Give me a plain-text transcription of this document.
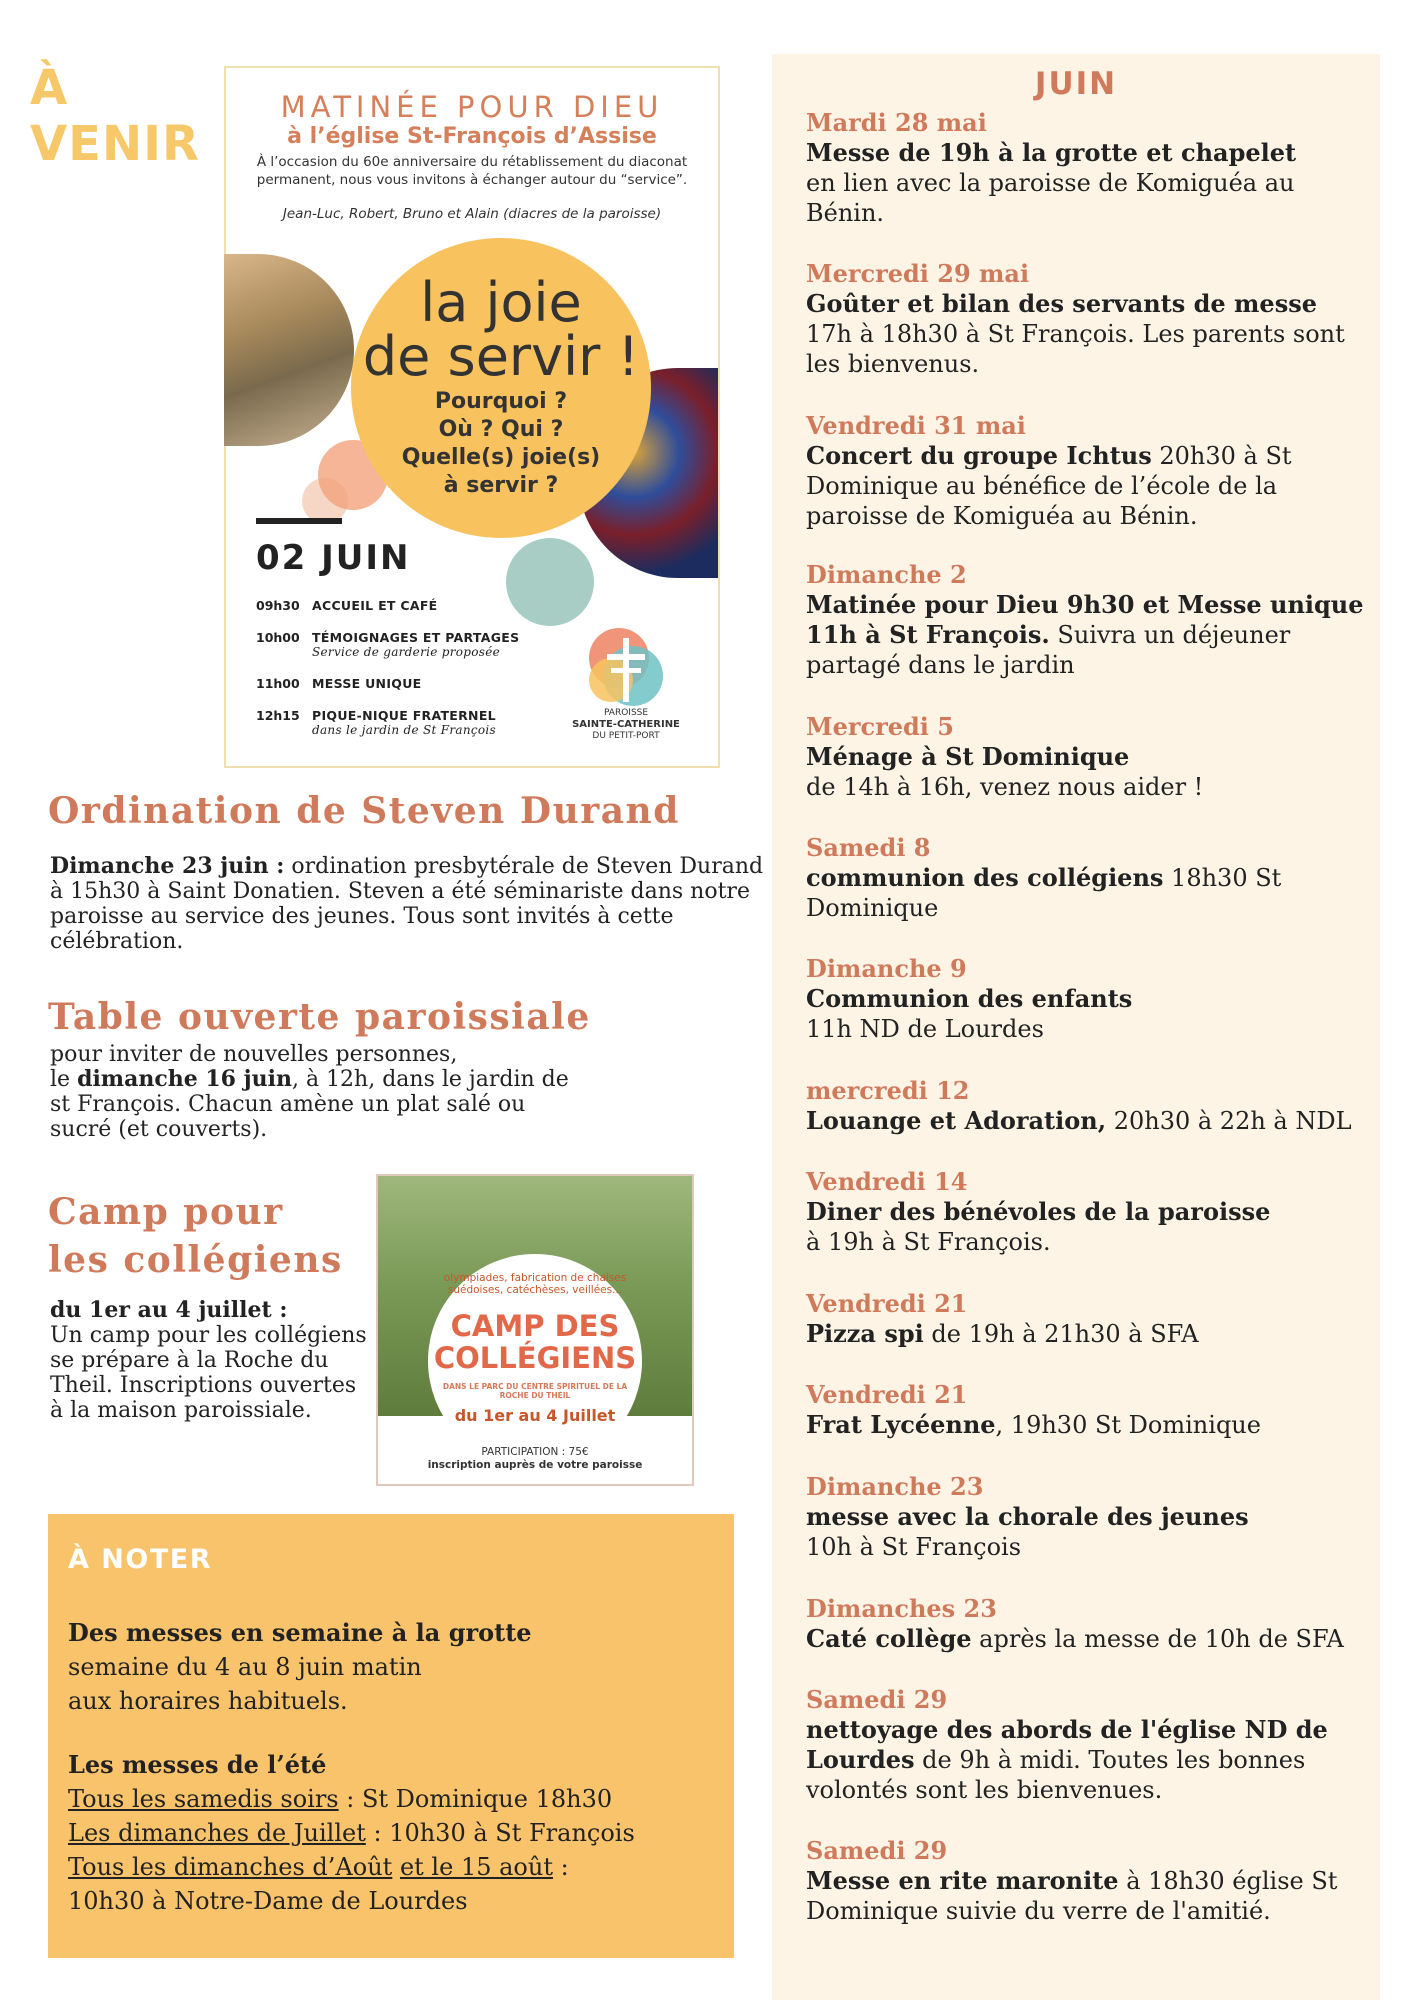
À
VENIR
MATINÉE POUR DIEU
à l’église St-François d’Assise
À l’occasion du 60e anniversaire du rétablissement du diaconat permanent, nous vous invitons à échanger autour du “service”.
Jean-Luc, Robert, Bruno et Alain (diacres de la paroisse)
la joie
de servir !
Pourquoi ?
Où ? Qui ?
Quelle(s) joie(s)
à servir ?
02 JUIN
09h30 ACCUEIL ET CAFÉ
10h00 TÉMOIGNAGES ET PARTAGES
Service de garderie proposée
11h00 MESSE UNIQUE
12h15 PIQUE-NIQUE FRATERNEL
dans le jardin de St François
PAROISSE
SAINTE-CATHERINE
DU PETIT-PORT
Ordination de Steven Durand
Dimanche 23 juin : ordination presbytérale de Steven Durand à 15h30 à Saint Donatien. Steven a été séminariste dans notre paroisse au service des jeunes. Tous sont invités à cette célébration.
Table ouverte paroissiale
pour inviter de nouvelles personnes,
le dimanche 16 juin, à 12h, dans le jardin de st François. Chacun amène un plat salé ou sucré (et couverts).
Camp pour
les collégiens
du 1er au 4 juillet :
Un camp pour les collégiens se prépare à la Roche du Theil. Inscriptions ouvertes à la maison paroissiale.
olympiades, fabrication de chaises suédoises, catéchèses, veillées...
CAMP DES
COLLÉGIENS
DANS LE PARC DU CENTRE SPIRITUEL DE LA ROCHE DU THEIL
du 1er au 4 Juillet
PARTICIPATION : 75€
inscription auprès de votre paroisse
À NOTER
Des messes en semaine à la grotte
semaine du 4 au 8 juin matin
aux horaires habituels.
Les messes de l’été
Tous les samedis soirs : St Dominique 18h30
Les dimanches de Juillet : 10h30 à St François
Tous les dimanches d’Août et le 15 août :
10h30 à Notre-Dame de Lourdes
JUIN
Mardi 28 mai
Messe de 19h à la grotte et chapelet
en lien avec la paroisse de Komiguéa au Bénin.
Mercredi 29 mai
Goûter et bilan des servants de messe
17h à 18h30 à St François. Les parents sont les bienvenus.
Vendredi 31 mai
Concert du groupe Ichtus 20h30 à St Dominique au bénéfice de l’école de la paroisse de Komiguéa au Bénin.
Dimanche 2
Matinée pour Dieu 9h30 et Messe unique 11h à St François. Suivra un déjeuner partagé dans le jardin
Mercredi 5
Ménage à St Dominique
de 14h à 16h, venez nous aider !
Samedi 8
communion des collégiens 18h30 St Dominique
Dimanche 9
Communion des enfants
11h ND de Lourdes
mercredi 12
Louange et Adoration, 20h30 à 22h à NDL
Vendredi 14
Diner des bénévoles de la paroisse
à 19h à St François.
Vendredi 21
Pizza spi de 19h à 21h30 à SFA
Vendredi 21
Frat Lycéenne, 19h30 St Dominique
Dimanche 23
messe avec la chorale des jeunes
10h à St François
Dimanches 23
Caté collège après la messe de 10h de SFA
Samedi 29
nettoyage des abords de l'église ND de Lourdes de 9h à midi. Toutes les bonnes volontés sont les bienvenues.
Samedi 29
Messe en rite maronite à 18h30 église St Dominique suivie du verre de l'amitié.
